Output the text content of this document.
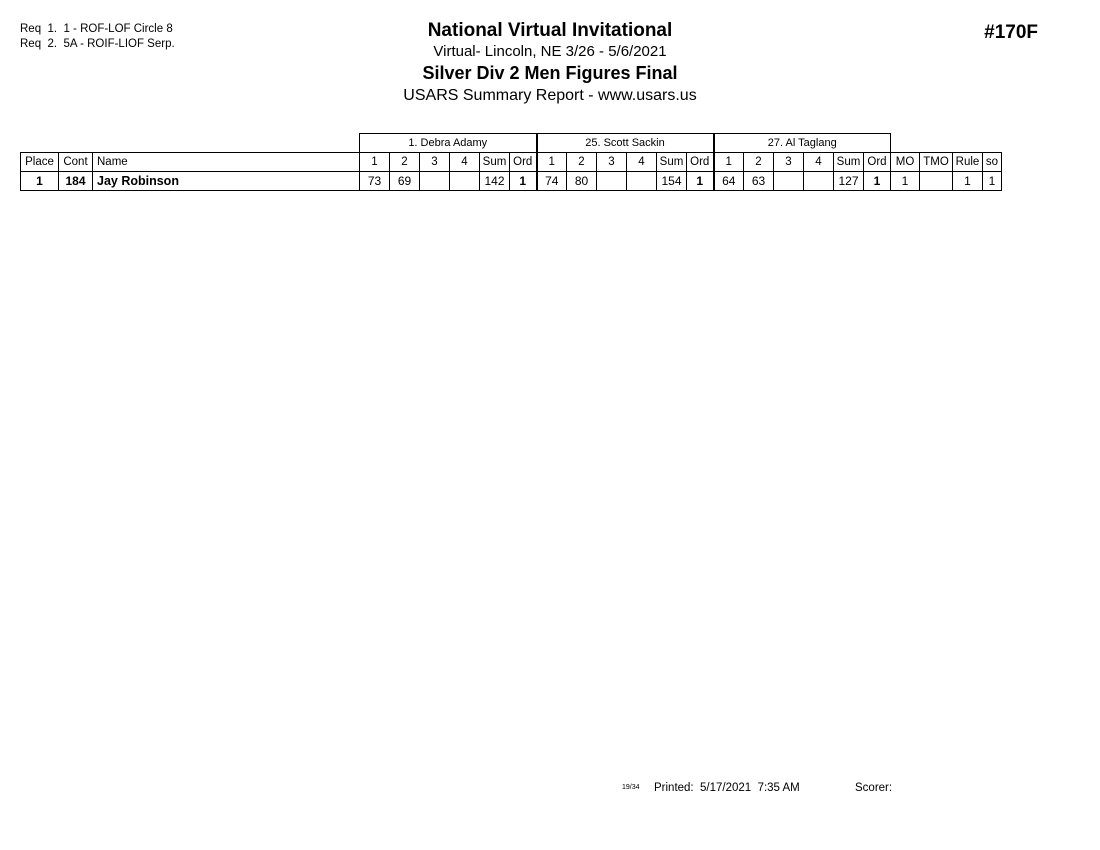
Req  1.  1 - ROF-LOF Circle 8
Req  2.  5A - ROIF-LIOF Serp.
National Virtual Invitational
Virtual- Lincoln, NE 3/26 - 5/6/2021
Silver Div 2 Men Figures Final
USARS Summary Report - www.usars.us
#170F
			1. Debra Adamy						25. Scott Sackin						27. Al Taglang									
Place	Cont	Name	1	2	3	4	Sum	Ord	1	2	3	4	Sum	Ord	1	2	3	4	Sum	Ord	MO	TMO	Rule	so
1	184	Jay Robinson	73	69			142	1	74	80			154	1	64	63			127	1	1		1	1
19/34 Printed:  5/17/2021  7:35 AM	Scorer:
